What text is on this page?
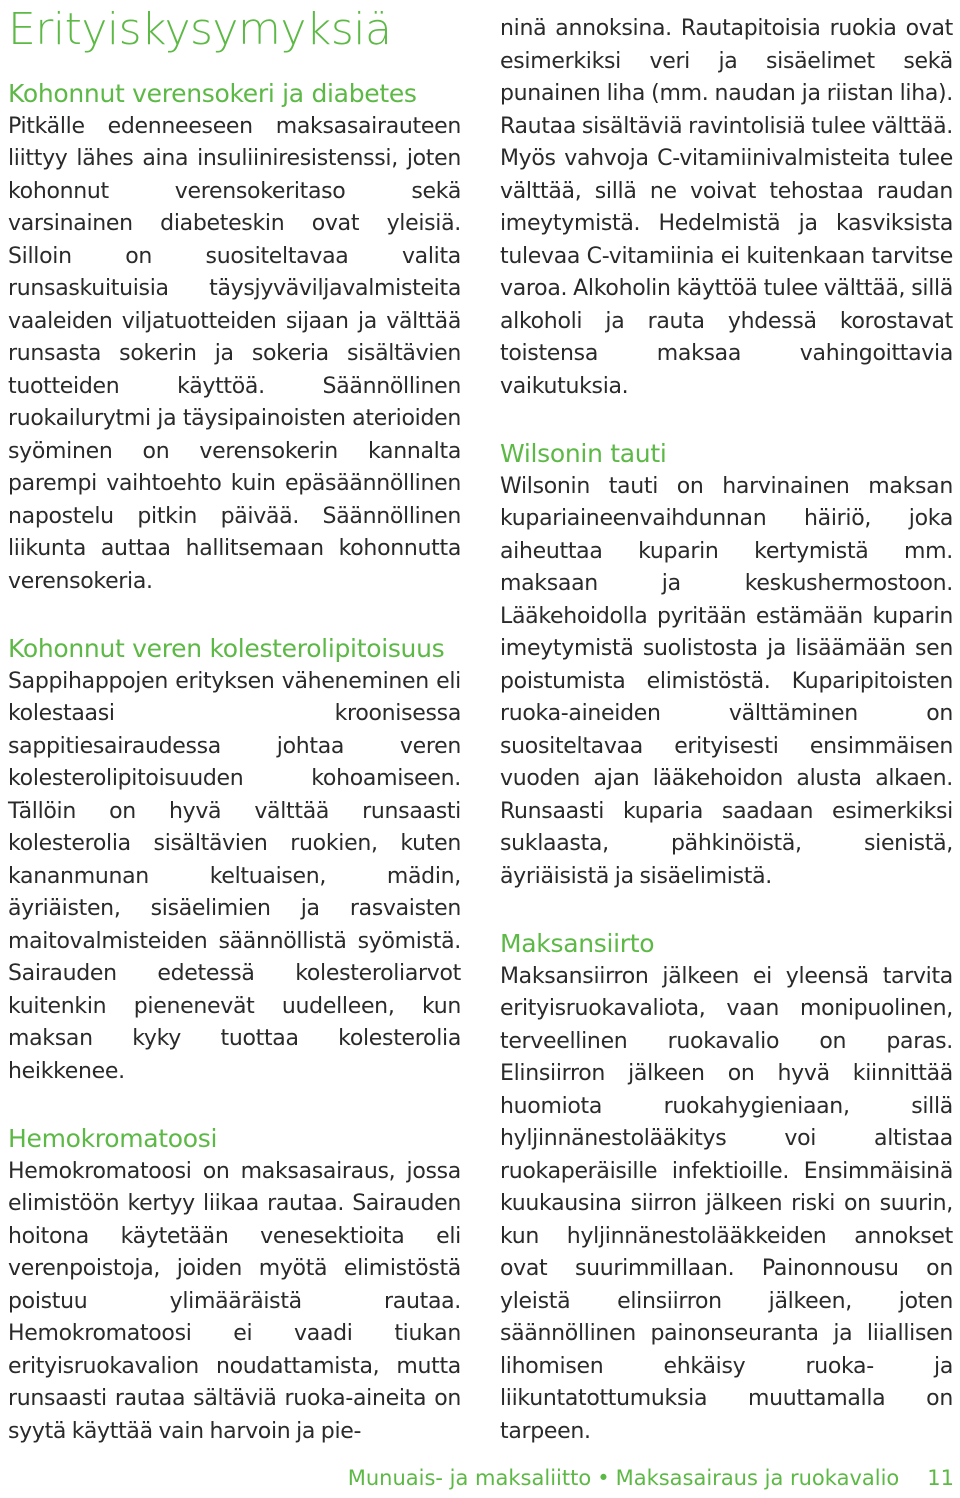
Erityiskysymyksiä
Kohonnut verensokeri ja diabetes

Pitkälle edenneeseen maksasairauteen liittyy lähes aina insuliiniresistenssi, joten kohonnut verensokeritaso sekä varsinainen diabeteskin ovat yleisiä. Silloin on suositeltavaa valita runsaskuituisia täysjyväviljavalmisteita vaaleiden viljatuotteiden sijaan ja välttää runsasta sokerin ja sokeria sisältävien tuotteiden käyttöä. Säännöllinen ruokailurytmi ja täysipainoisten aterioiden syöminen on verensokerin kannalta parempi vaihtoehto kuin epäsäännöllinen napostelu pitkin päivää. Säännöllinen liikunta auttaa hallitsemaan kohonnutta verensokeria.

Kohonnut veren kolesterolipitoisuus

Sappihappojen erityksen väheneminen eli kolestaasi kroonisessa sappitiesairaudessa johtaa veren kolesterolipitoisuuden kohoamiseen. Tällöin on hyvä välttää runsaasti kolesterolia sisältävien ruokien, kuten kananmunan keltuaisen, mädin, äyriäisten, sisäelimien ja rasvaisten maitovalmisteiden säännöllistä syömistä. Sairauden edetessä kolesteroliarvot kuitenkin pienenevät uudelleen, kun maksan kyky tuottaa kolesterolia heikkenee.

Hemokromatoosi

Hemokromatoosi on maksasairaus, jossa elimistöön kertyy liikaa rautaa. Sairauden hoitona käytetään venesektioita eli verenpoistoja, joiden myötä elimistöstä poistuu ylimääräistä rautaa. Hemokromatoosi ei vaadi tiukan erityisruokavalion noudattamista, mutta runsaasti rautaa sältäviä ruoka-aineita on syytä käyttää vain harvoin ja pie-

ninä annoksina. Rautapitoisia ruokia ovat esimerkiksi veri ja sisäelimet sekä punainen liha (mm. naudan ja riistan liha). Rautaa sisältäviä ravintolisiä tulee välttää. Myös vahvoja C-vitamiinivalmisteita tulee välttää, sillä ne voivat tehostaa raudan imeytymistä. Hedelmistä ja kasviksista tulevaa C-vitamiinia ei kuitenkaan tarvitse varoa. Alkoholin käyttöä tulee välttää, sillä alkoholi ja rauta yhdessä korostavat toistensa maksaa vahingoittavia vaikutuksia.

Wilsonin tauti

Wilsonin tauti on harvinainen maksan kupariaineenvaihdunnan häiriö, joka aiheuttaa kuparin kertymistä mm. maksaan ja keskushermostoon. Lääkehoidolla pyritään estämään kuparin imeytymistä suolistosta ja lisäämään sen poistumista elimistöstä. Kuparipitoisten ruoka-aineiden välttäminen on suositeltavaa erityisesti ensimmäisen vuoden ajan lääkehoidon alusta alkaen. Runsaasti kuparia saadaan esimerkiksi suklaasta, pähkinöistä, sienistä, äyriäisistä ja sisäelimistä.

Maksansiirto

Maksansiirron jälkeen ei yleensä tarvita erityisruokavaliota, vaan monipuolinen, terveellinen ruokavalio on paras. Elinsiirron jälkeen on hyvä kiinnittää huomiota ruokahygieniaan, sillä hyljinnänestolääkitys voi altistaa ruokaperäisille infektioille. Ensimmäisinä kuukausina siirron jälkeen riski on suurin, kun hyljinnänestolääkkeiden annokset ovat suurimmillaan. Painonnousu on yleistä elinsiirron jälkeen, joten säännöllinen painonseuranta ja liiallisen lihomisen ehkäisy ruoka- ja liikuntatottumuksia muuttamalla on tarpeen.

Munuais- ja maksaliitto • Maksasairaus ja ruokavalio 11
